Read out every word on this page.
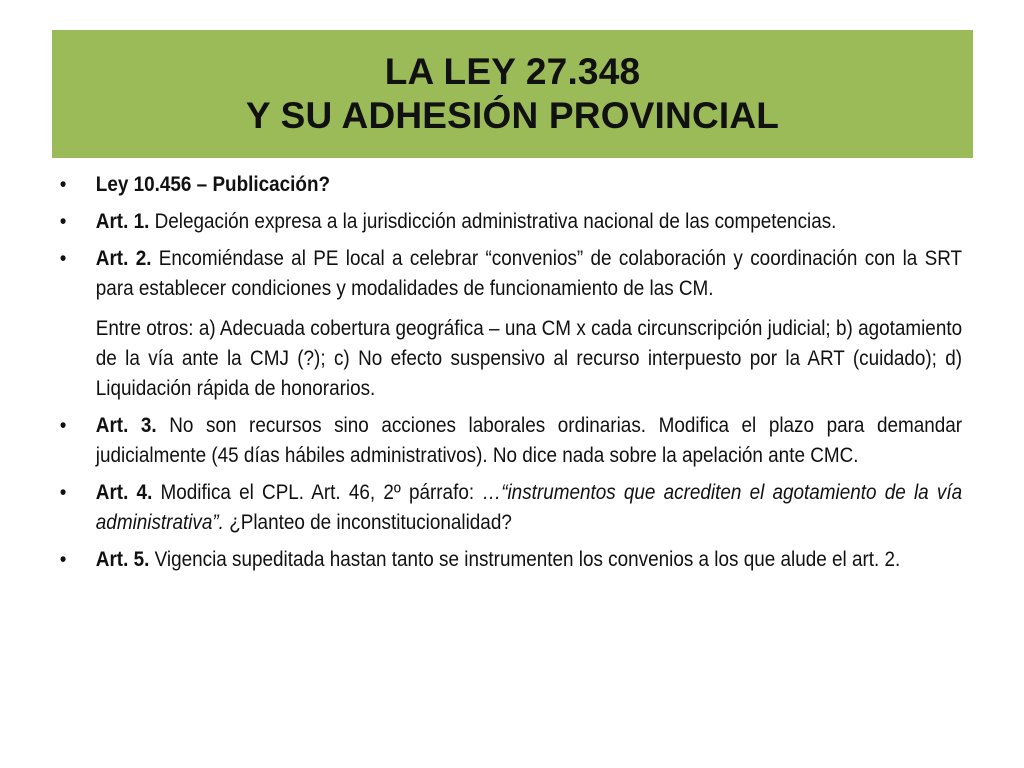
LA LEY 27.348
Y SU ADHESIÓN PROVINCIAL
• Ley 10.456 – Publicación?
• Art. 1. Delegación expresa a la jurisdicción administrativa nacional de las competencias.
• Art. 2. Encomiéndase al PE local a celebrar “convenios” de colaboración y coordinación con la SRT para establecer condiciones y modalidades de funcionamiento de las CM.
Entre otros: a) Adecuada cobertura geográfica – una CM x cada circunscripción judicial; b) agotamiento de la vía ante la CMJ (?); c) No efecto suspensivo al recurso interpuesto por la ART (cuidado); d) Liquidación rápida de honorarios.
• Art. 3. No son recursos sino acciones laborales ordinarias. Modifica el plazo para demandar judicialmente (45 días hábiles administrativos). No dice nada sobre la apelación ante CMC.
• Art. 4. Modifica el CPL. Art. 46, 2º párrafo: …“instrumentos que acrediten el agotamiento de la vía administrativa”. ¿Planteo de inconstitucionalidad?
• Art. 5. Vigencia supeditada hastan tanto se instrumenten los convenios a los que alude el art. 2.
